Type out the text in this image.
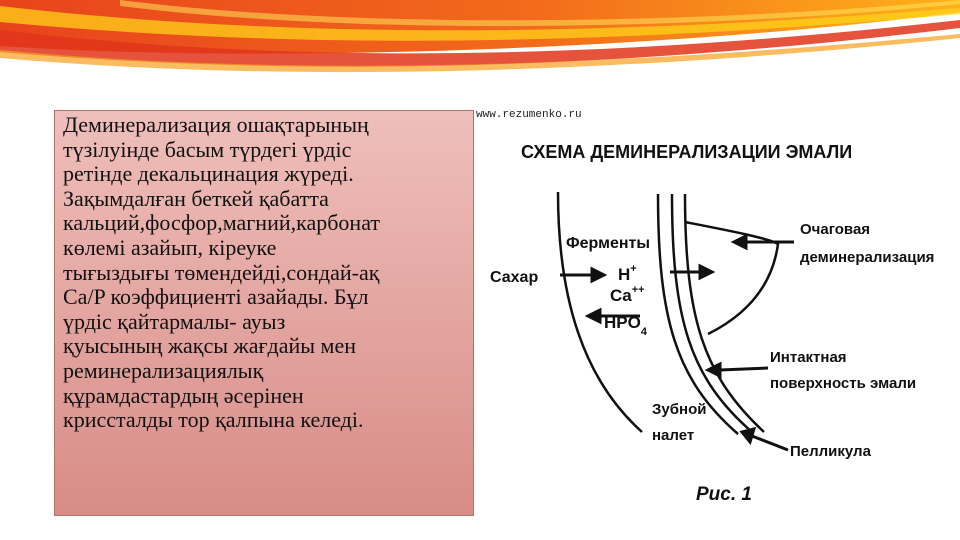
Деминерализация ошақтарының
түзілуінде басым түрдегі үрдіс
ретінде декальцинация жүреді.
Зақымдалған беткей қабатта
кальций,фосфор,магний,карбонат
көлемі азайып, кіреуке
тығыздығы төмендейді,сондай-ақ
Ca/P коэффициенті азайады. Бұл
үрдіс қайтармалы- ауыз
қуысының жақсы жағдайы мен
реминерализациялық
құрамдастардың әсерінен
криссталды тор қалпына келеді.

www.rezumenko.ru
СХЕМА ДЕМИНЕРАЛИЗАЦИИ ЭМАЛИ
Сахар
Ферменты
H+
Ca++
$HPO_4$
Очаговая
деминерализация
Интактная
поверхность эмали
Зубной
налет
Пелликула
Рис. 1
